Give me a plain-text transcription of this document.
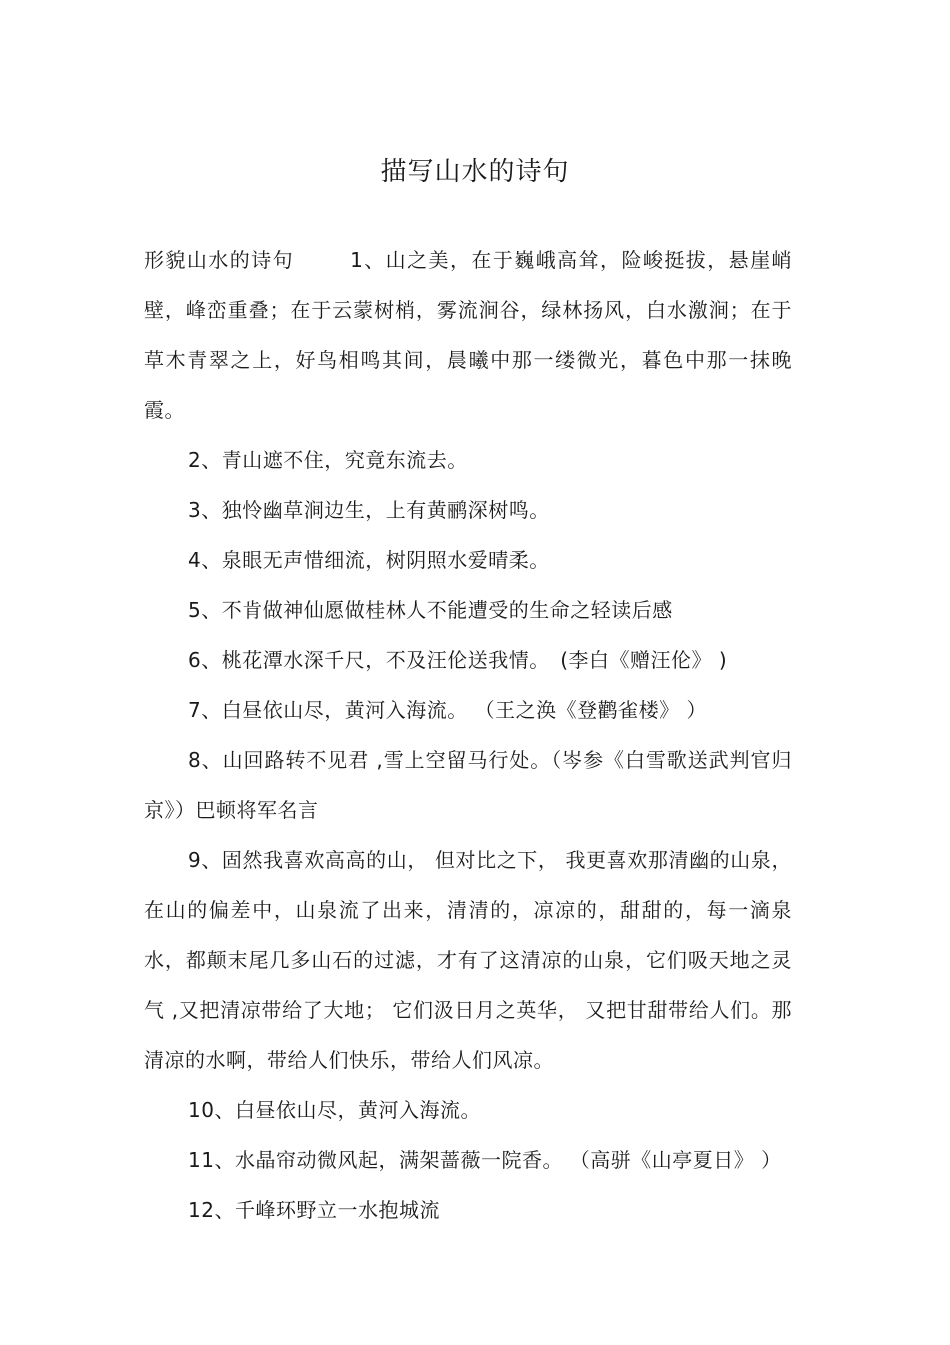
描写山水的诗句

形貌山水的诗句	1、山之美，在于巍峨高耸，险峻挺拔，悬崖峭壁，峰峦重叠；在于云蒙树梢，雾流涧谷，绿林扬风，白水激涧；在于草木青翠之上，好鸟相鸣其间，晨曦中那一缕微光，暮色中那一抹晚霞。

2、青山遮不住，究竟东流去。

3、独怜幽草涧边生，上有黄鹂深树鸣。

4、泉眼无声惜细流，树阴照水爱晴柔。

5、不肯做神仙愿做桂林人不能遭受的生命之轻读后感

6、桃花潭水深千尺，不及汪伦送我情。　(李白《赠汪伦》 )

7、白昼依山尽，黄河入海流。 （王之涣《登鹳雀楼》 ）

8、山回路转不见君 ,雪上空留马行处。（岑参《白雪歌送武判官归京》）巴顿将军名言

9、固然我喜欢高高的山， 但对比之下， 我更喜欢那清幽的山泉，在山的偏差中，山泉流了出来，清清的，凉凉的，甜甜的，每一滴泉水，都颠末尾几多山石的过滤，才有了这清凉的山泉，它们吸天地之灵气 ,又把清凉带给了大地； 它们汲日月之英华， 又把甘甜带给人们。那清凉的水啊，带给人们快乐，带给人们风凉。

10、白昼依山尽，黄河入海流。

11、水晶帘动微风起，满架蔷薇一院香。 （高骈《山亭夏日》 ）

12、千峰环野立一水抱城流
